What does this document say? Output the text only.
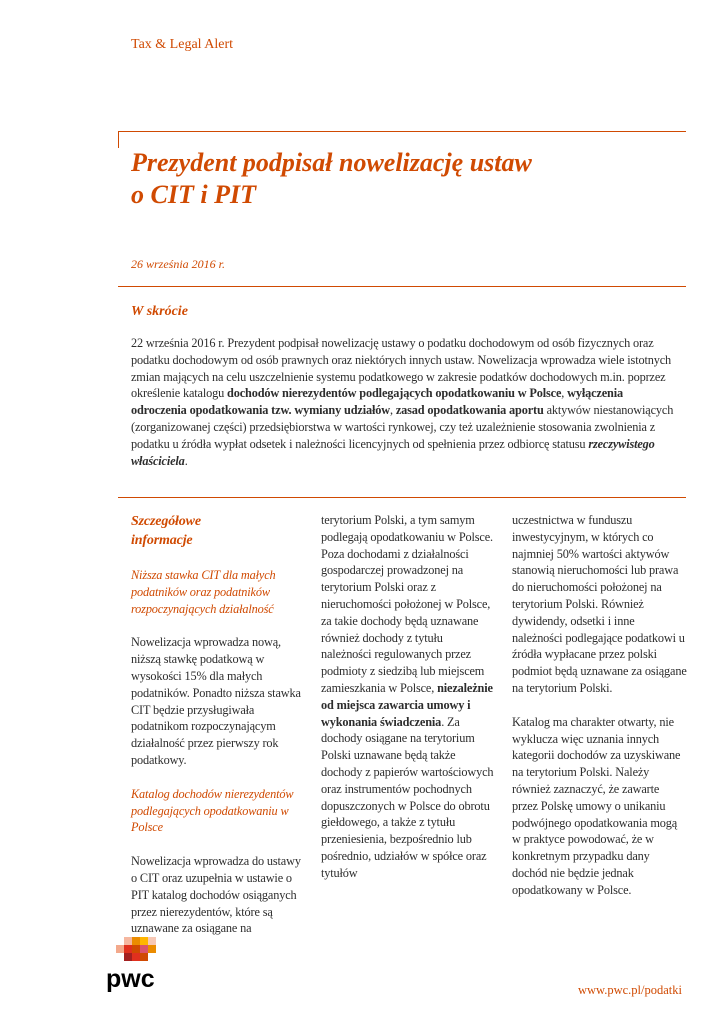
Tax & Legal Alert
Prezydent podpisał nowelizację ustaw
o CIT i PIT
26 września 2016 r.
W skrócie

22 września 2016 r. Prezydent podpisał nowelizację ustawy o podatku dochodowym od osób fizycznych oraz podatku dochodowym od osób prawnych oraz niektórych innych ustaw. Nowelizacja wprowadza wiele istotnych zmian mających na celu uszczelnienie systemu podatkowego w zakresie podatków dochodowych m.in. poprzez określenie katalogu dochodów nierezydentów podlegających opodatkowaniu w Polsce, wyłączenia odroczenia opodatkowania tzw. wymiany udziałów, zasad opodatkowania aportu aktywów niestanowiących (zorganizowanej części) przedsiębiorstwa w wartości rynkowej, czy też uzależnienie stosowania zwolnienia z podatku u źródła wypłat odsetek i należności licencyjnych od spełnienia przez odbiorcę statusu rzeczywistego właściciela.

Szczegółowe
informacje

Niższa stawka CIT dla małych podatników oraz podatników rozpoczynających działalność

Nowelizacja wprowadza nową, niższą stawkę podatkową w wysokości 15% dla małych podatników. Ponadto niższa stawka CIT będzie przysługiwała podatnikom rozpoczynającym działalność przez pierwszy rok podatkowy.

Katalog dochodów nierezydentów podlegających opodatkowaniu w Polsce

Nowelizacja wprowadza do ustawy o CIT oraz uzupełnia w ustawie o PIT katalog dochodów osiąganych przez nierezydentów, które są uznawane za osiągane na

terytorium Polski, a tym samym podlegają opodatkowaniu w Polsce. Poza dochodami z działalności gospodarczej prowadzonej na terytorium Polski oraz z nieruchomości położonej w Polsce, za takie dochody będą uznawane również dochody z tytułu należności regulowanych przez podmioty z siedzibą lub miejscem zamieszkania w Polsce, niezależnie od miejsca zawarcia umowy i wykonania świadczenia. Za dochody osiągane na terytorium Polski uznawane będą także dochody z papierów wartościowych oraz instrumentów pochodnych dopuszczonych w Polsce do obrotu giełdowego, a także z tytułu przeniesienia, bezpośrednio lub pośrednio, udziałów w spółce oraz tytułów

uczestnictwa w funduszu inwestycyjnym, w których co najmniej 50% wartości aktywów stanowią nieruchomości lub prawa do nieruchomości położonej na terytorium Polski. Również dywidendy, odsetki i inne należności podlegające podatkowi u źródła wypłacane przez polski podmiot będą uznawane za osiągane na terytorium Polski.

Katalog ma charakter otwarty, nie wyklucza więc uznania innych kategorii dochodów za uzyskiwane na terytorium Polski. Należy również zaznaczyć, że zawarte przez Polskę umowy o unikaniu podwójnego opodatkowania mogą w praktyce powodować, że w konkretnym przypadku dany dochód nie będzie jednak opodatkowany w Polsce.

pwc	www.pwc.pl/podatki
